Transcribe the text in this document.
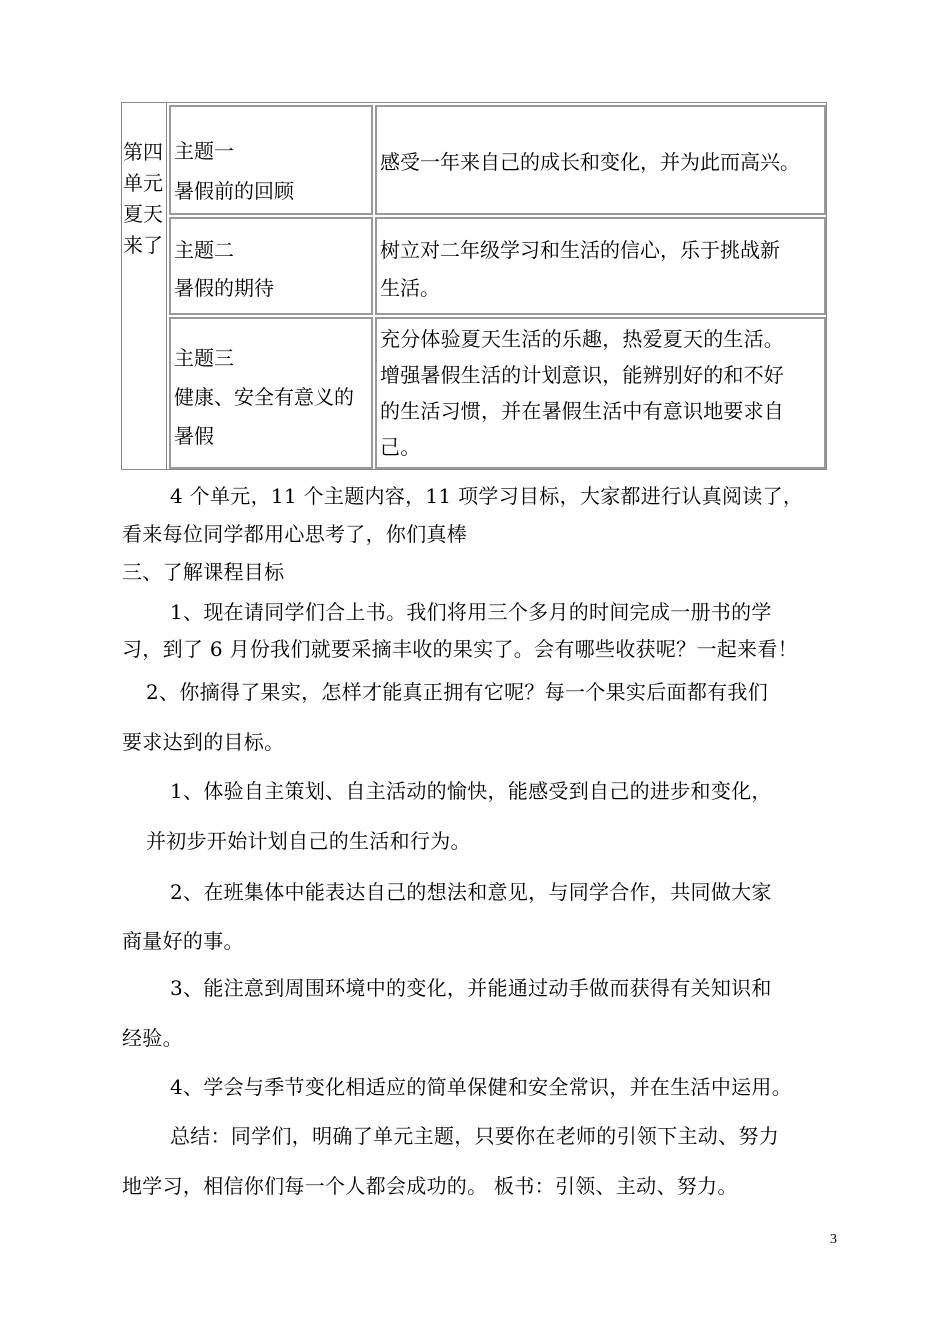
第四
单元
夏天
来了
主题一
暑假前的回顾
感受一年来自己的成长和变化，并为此而高兴。
主题二
暑假的期待
树立对二年级学习和生活的信心，乐于挑战新
生活。
主题三
健康、安全有意义的
暑假
充分体验夏天生活的乐趣，热爱夏天的生活。
增强暑假生活的计划意识，能辨别好的和不好
的生活习惯，并在暑假生活中有意识地要求自
己。
4 个单元，11 个主题内容，11 项学习目标，大家都进行认真阅读了，
看来每位同学都用心思考了，你们真棒
三、了解课程目标
1、现在请同学们合上书。我们将用三个多月的时间完成一册书的学
习，到了 6 月份我们就要采摘丰收的果实了。会有哪些收获呢？一起来看！
2、你摘得了果实，怎样才能真正拥有它呢？每一个果实后面都有我们
要求达到的目标。
1、体验自主策划、自主活动的愉快，能感受到自己的进步和变化，
并初步开始计划自己的生活和行为。
2、在班集体中能表达自己的想法和意见，与同学合作，共同做大家
商量好的事。
3、能注意到周围环境中的变化，并能通过动手做而获得有关知识和
经验。
4、学会与季节变化相适应的简单保健和安全常识，并在生活中运用。
总结：同学们，明确了单元主题，只要你在老师的引领下主动、努力
地学习，相信你们每一个人都会成功的。 板书：引领、主动、努力。
3
